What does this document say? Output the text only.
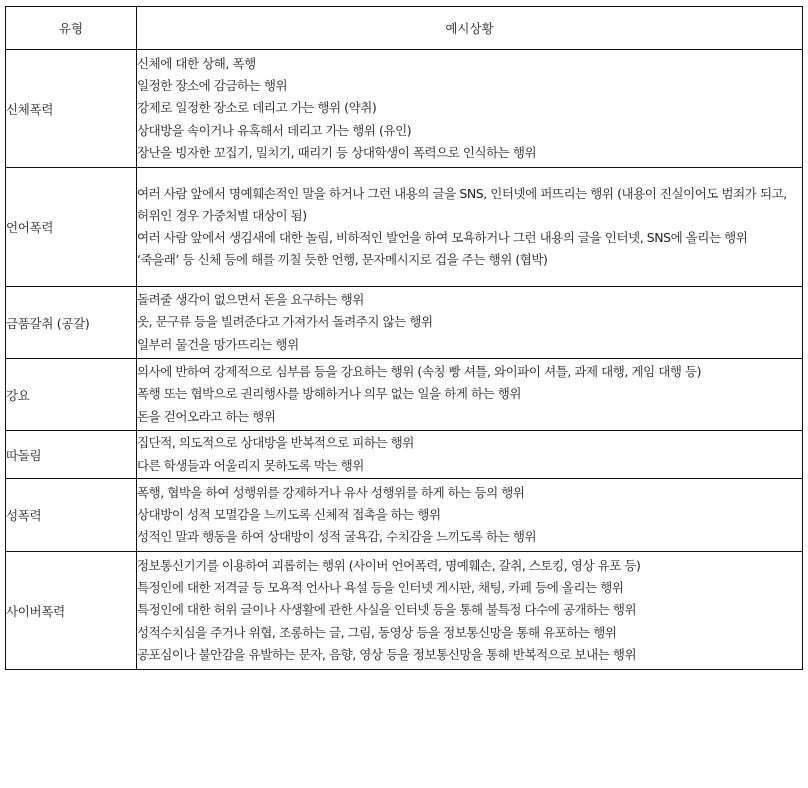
유형	예시상황
신체폭력	신체에 대한 상해, 폭행
일정한 장소에 감금하는 행위
강제로 일정한 장소로 데리고 가는 행위 (약취)
상대방을 속이거나 유혹해서 데리고 가는 행위 (유인)
장난을 빙자한 꼬집기, 밀치기, 때리기 등 상대학생이 폭력으로 인식하는 행위

언어폭력	여러 사람 앞에서 명예훼손적인 말을 하거나 그런 내용의 글을 SNS, 인터넷에 퍼뜨리는 행위 (내용이 진실이어도 범죄가 되고, 허위인 경우 가중처벌 대상이 됨)
여러 사람 앞에서 생김새에 대한 놀림, 비하적인 발언을 하여 모욕하거나 그런 내용의 글을 인터넷, SNS에 올리는 행위
‘죽을래’ 등 신체 등에 해를 끼칠 듯한 언행, 문자메시지로 겁을 주는 행위 (협박)

금품갈취 (공갈)	돌려줄 생각이 없으면서 돈을 요구하는 행위
옷, 문구류 등을 빌려준다고 가져가서 돌려주지 않는 행위
일부러 물건을 망가뜨리는 행위

강요	의사에 반하여 강제적으로 심부름 등을 강요하는 행위 (속칭 빵 셔틀, 와이파이 셔틀, 과제 대행, 게임 대행 등)
폭행 또는 협박으로 권리행사를 방해하거나 의무 없는 일을 하게 하는 행위
돈을 걷어오라고 하는 행위

따돌림	집단적, 의도적으로 상대방을 반복적으로 피하는 행위
다른 학생들과 어울리지 못하도록 막는 행위

성폭력	폭행, 협박을 하여 성행위를 강제하거나 유사 성행위를 하게 하는 등의 행위
상대방이 성적 모멸감을 느끼도록 신체적 접촉을 하는 행위
성적인 말과 행동을 하여 상대방이 성적 굴욕감, 수치감을 느끼도록 하는 행위

사이버폭력	정보통신기기를 이용하여 괴롭히는 행위 (사이버 언어폭력, 명예훼손, 갈취, 스토킹, 영상 유포 등)
특정인에 대한 저격글 등 모욕적 언사나 욕설 등을 인터넷 게시판, 채팅, 카페 등에 올리는 행위
특정인에 대한 허위 글이나 사생활에 관한 사실을 인터넷 등을 통해 불특정 다수에 공개하는 행위
성적수치심을 주거나 위협, 조롱하는 글, 그림, 동영상 등을 정보통신망을 통해 유포하는 행위
공포심이나 불안감을 유발하는 문자, 음향, 영상 등을 정보통신망을 통해 반복적으로 보내는 행위
